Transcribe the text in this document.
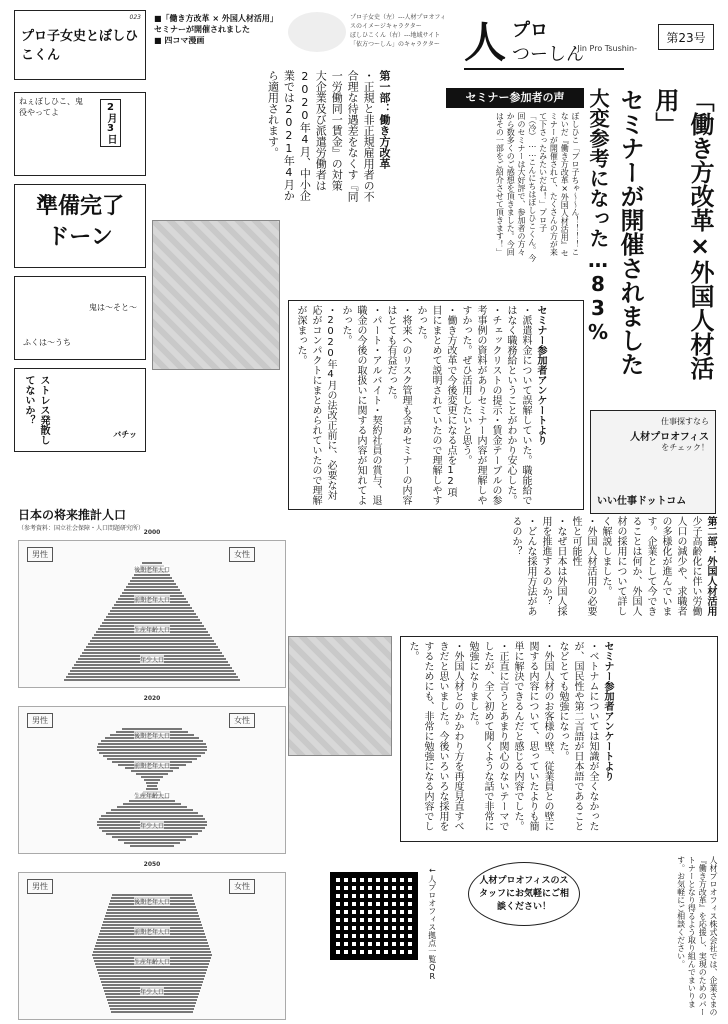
023
プロ子女史とぼしひこくん
■「働き方改革 × 外国人材活用」セミナーが開催されました
■ 四コマ漫画
プロ子女史（左）---人材プロオフィスのイメージキャラクター
ぼしひこくん（右）---地域サイト「依方つーしん」のキャラクター 人 プロ
つーしん
-Jin Pro Tsushin-
第23号
ねぇぼしひこ、鬼役やってよ	2月3日
準備完了
ドーン
鬼は〜そと〜
ふくは〜うち
ストレス発散してないか？
バチッ
第一部：働き方改革
・正規と非正規雇用者の不合理な待遇差をなくす『同一労働同一賃金』の対策
大企業及び派遣労働者は2020年4月、中小企業では2021年4月から適用されます。	セミナー参加者の声
ぼしひこ「ブロ子ちゃ〜〜ん！！！！こないだ『働き方改革×外国人材活用』セミナーが開催されて、たくさんの方が来て下さったみたいだね！」プロ子「（冷）……こんにちはぼしひこくん。今回のセミナーは大好評で、参加者の方々から数多くのご感想を頂きました。今回はその一部をご紹介させて頂きます！」	「働き方改革×外国人材活用」
セミナーが開催されました
大変参考になった…83%
セミナー参加者アンケートより
・派遣料金について誤解していた。職能給ではなく職務給ということがわかり安心した。
・チェックリストの提示・賃金テーブルの参考事例の資料がありセミナー内容が理解しやすかった。ぜひ活用したいと思う。
・働き方改革で今後変更になる点を12項目にまとめて説明されていたので理解しやすかった。
・将来へのリスク管理も含めセミナーの内容はとても有益だった。
・パート・アルバイト・契約社員の賞与、退職金の今後の取扱いに関する内容が知れてよかった。
・2020年4月の法改正前に、必要な対応がコンパクトにまとめられていたので理解が深まった。
仕事探すなら
人材プロオフィス
をチェック！
いい仕事ドットコム
日本の将来推計人口
（参考資料：国立社会保障・人口問題研究所）
2000
男性	女性
後期老年人口
前期老年人口
生産年齢人口
年少人口
2020
男性	女性
後期老年人口
前期老年人口
生産年齢人口
年少人口
2050
男性	女性
後期老年人口
前期老年人口
生産年齢人口
年少人口
第二部：外国人材活用
少子高齢化に伴い労働人口の減少や、求職者の多様化が進んでいます。企業として今できることは何か、外国人材の採用について詳しく解説しました。
・外国人材活用の必要性と可能性
・なぜ日本は外国人採用を推進するのか？
・どんな採用方法があるのか？
セミナー参加者アンケートより
・ベトナムについては知識が全くなかったが、国民性や第二言語が日本語であることなどとても勉強になった。
・外国人材のお客様の壁、従業員との壁に関する内容について、思っていたよりも簡単に解決できるんだと感じる内容でした。
・正直に言うとあまり関心のないテーマでしたが、全く初めて聞くような話で非常に勉強になりました。
・外国人材とのかかわり方を再度見直すべきだと思いました。今後いろいろな採用をするためにも、非常に勉強になる内容でした。
←人プロオフィス拠点一覧QR	人材プロオフィスのスタッフにお気軽にご相談ください！	人材プロオフィス株式会社では、企業さまの『働き方改革』を応援し、実現のためのパートナーとなり得るよう取り組んでまいります。お気軽にご相談ください。
